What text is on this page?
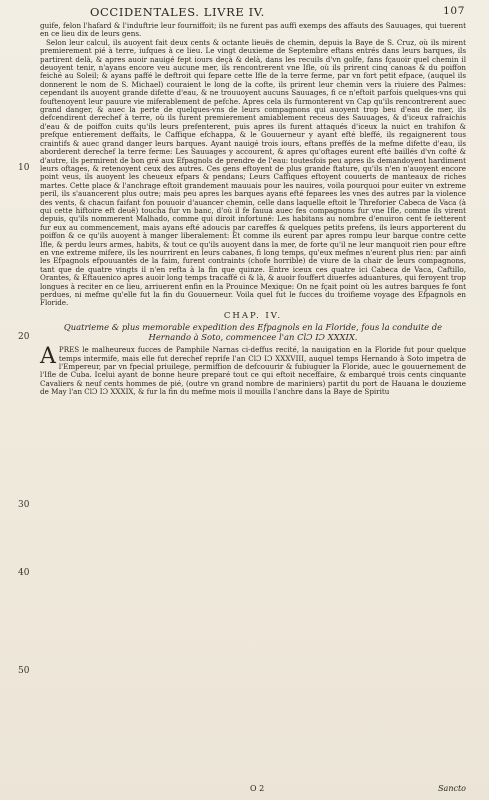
OCCIDENTALES. LIVRE IV.	107
10
20
30
40
50

guife, felon l'hafard & l'induftrie leur fourniffoit; ils ne furent pas auffi exemps des affauts des Sauuages, qui tuerent en ce lieu dix de leurs gens.

Selon leur calcul, ils auoyent fait deux cents & octante lieuës de chemin, depuis la Baye de S. Cruz, où ils mirent premierement pié à terre, iufques à ce lieu. Le vingt deuxieme de Septembre eftans entrés dans leurs barques, ils partirent delà, & apres auoir nauigé fept iours deçà & delà, dans les recuils d'vn golfe, fans fçauoir quel chemin il deuoyent tenir, n'ayans encore veu aucune mer, ils rencontrerent vne Ifle, où ils prirent cinq canoas & du poiffon feiché au Soleil; & ayans paffé le deftroit qui fepare cette Ifle de la terre ferme, par vn fort petit efpace, (auquel ils donnerent le nom de S. Michael) couraient le long de la cofte, ils prirent leur chemin vers la riuiere des Palmes: cependant ils auoyent grande difette d'eau, & ne trouuoyent aucuns Sauuages, fi ce n'eftoit parfois quelques-vns qui fouftenoyent leur pauure vie miferablement de pefche. Apres cela ils furmonterent vn Cap qu'ils rencontrerent auec grand danger, & auec la perte de quelques-vns de leurs compagnons qui auoyent trop beu d'eau de mer, ils defcendirent derechef à terre, où ils furent premierement amiablement receus des Sauuages, & d'iceux rafraichis d'eau & de poiffon cuits qu'ils leurs prefenterent, puis apres ils furent attaqués d'iceux la nuict en trahifon & prefque entierement deffaits, le Caffique efchappa, & le Gouuerneur y ayant efté bleffé, ils regaignerent tous craintifs & auec grand danger leurs barques. Ayant nauigé trois iours, eftans preffés de la mefme difette d'eau, ils aborderent derechef la terre ferme: Les Sauuages y accourent, & apres qu'oftages eurent efté baillés d'vn cofté & d'autre, ils permirent de bon gré aux Efpagnols de prendre de l'eau: toutesfois peu apres ils demandoyent hardiment leurs oftages, & retenoyent ceux des autres. Ces gens eftoyent de plus grande ftature, qu'ils n'en n'auoyent encore point veus, ils auoyent les cheueux efpars & pendans; Leurs Caffiques eftoyent couuerts de manteaux de riches martes. Cette place & l'anchrage eftoit grandement mauuais pour les nauires, voila pourquoi pour euiter vn extreme peril, ils s'auancerent plus outre; mais peu apres les barques ayans efté feparees les vnes des autres par la violence des vents, & chacun faifant fon pouuoir d'auancer chemin, celle dans laquelle eftoit le Threforier Cabeca de Vaca (à qui cette hiftoire eft deuë) toucha fur vn banc, d'où il fe fauua auec fes compagnons fur vne Ifle, comme ils virent depuis, qu'ils nommerent Malhado, comme qui diroit infortuné: Les habitans au nombre d'enuiron cent fe ietterent fur eux au commencement, mais ayans efté adoucis par careffes & quelques petits prefens, ils leurs apporterent du poiffon & ce qu'ils auoyent à manger liberalement: Et comme ils eurent par apres rompu leur barque contre cette Ifle, & perdu leurs armes, habits, & tout ce qu'ils auoyent dans la mer, de forte qu'il ne leur manquoit rien pour eftre en vne extreme mifere, ils les nourrirent en leurs cabanes, fi long temps, qu'eux mefmes n'eurent plus rien: par ainfi les Efpagnols efpouuantés de la faim, furent contraints (chofe horrible) de viure de la chair de leurs compagnons, tant que de quatre vingts il n'en refta à la fin que quinze. Entre iceux ces quatre ici Cabeca de Vaca, Caftillo, Orantes, & Eftauenico apres auoir long temps tracaffé ci & là, & auoir fouffert diuerfes aduantures, qui feroyent trop longues à reciter en ce lieu, arriuerent enfin en la Prouince Mexique: On ne fçait point où les autres barques fe font perdues, ni mefme qu'elle fut la fin du Gouuerneur. Voila quel fut le fucces du troifieme voyage des Efpagnols en Floride.

CHAP. IV.
Quatrieme & plus memorable expedition des Efpagnols en la Floride, fous la conduite de Hernando à Soto, commencee l'an ClƆ IƆ XXXIX.

APRES le malheureux fucces de Pamphile Narnas ci-deffus recité, la nauigation en la Floride fut pour quelque temps intermife, mais elle fut derechef reprife l'an ClƆ IƆ XXXVIII, auquel temps Hernando à Soto impetra de l'Empereur, par vn fpecial priuilege, permiffion de defcouurir & fubiuguer la Floride, auec le gouuernement de l'Ifle de Cuba. Icelui ayant de bonne heure preparé tout ce qui eftoit neceffaire, & embarqué trois cents cinquante Cavaliers & neuf cents hommes de pié, (outre vn grand nombre de mariniers) partit du port de Hauana le douzieme de May l'an ClƆ IƆ XXXIX, & fur la fin du mefme mois il mouilla l'anchre dans la Baye de Spiritu

O 2	Sancto
